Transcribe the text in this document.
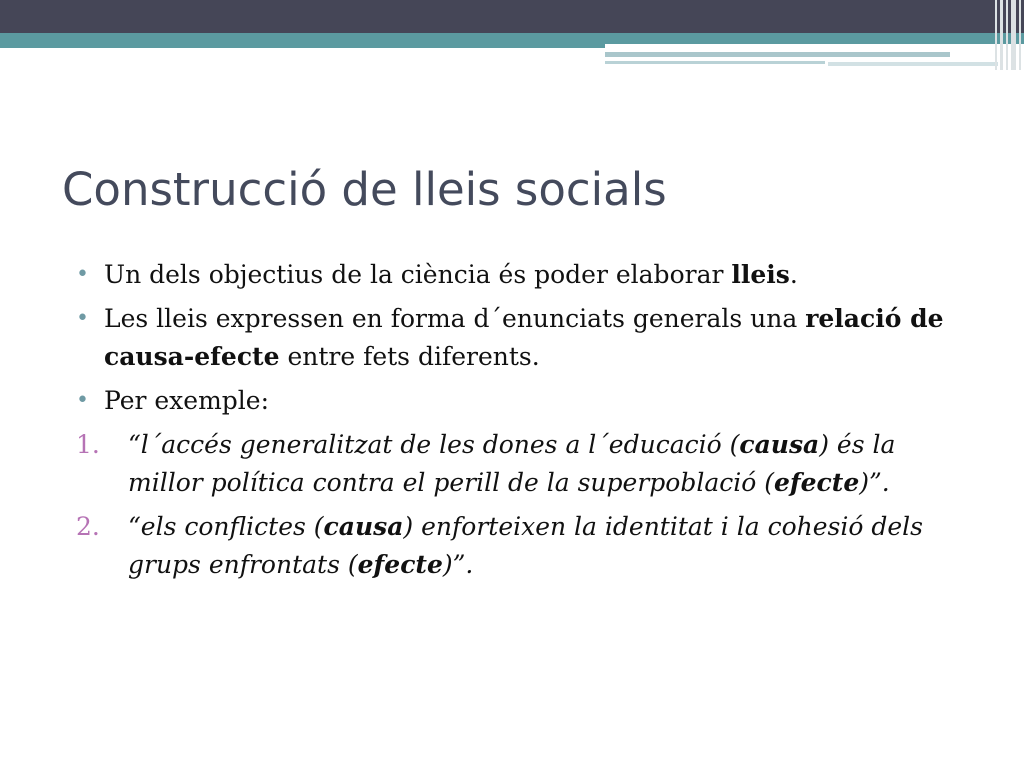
Construcció de lleis socials
• Un dels objectius de la ciència és poder elaborar lleis.
• Les lleis expressen en forma d´enunciats generals una relació de causa-efecte entre fets diferents.
• Per exemple:
1. “l´accés generalitzat de les dones a l´educació (causa) és la millor política contra el perill de la superpoblació (efecte)”.
2. “els conflictes (causa) enforteixen la identitat i la cohesió dels grups enfrontats (efecte)”.
